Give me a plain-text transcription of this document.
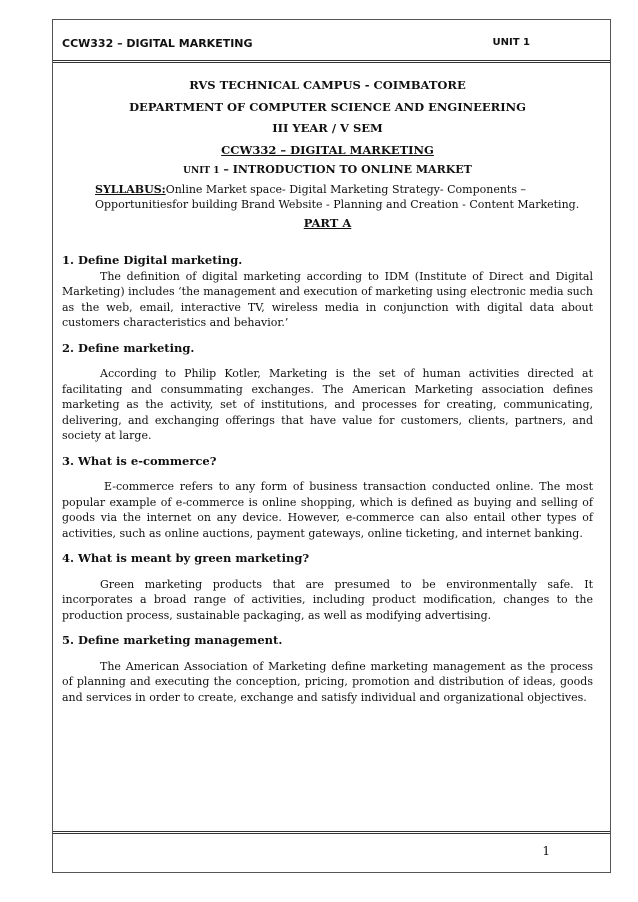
CCW332 – DIGITAL MARKETING	UNIT 1
RVS TECHNICAL CAMPUS - COIMBATORE
DEPARTMENT OF COMPUTER SCIENCE AND ENGINEERING
III YEAR / V SEM
CCW332 – DIGITAL MARKETING
UNIT 1 – INTRODUCTION TO ONLINE MARKET
SYLLABUS:Online Market space- Digital Marketing Strategy- Components – Opportunitiesfor building Brand Website - Planning and Creation - Content Marketing.
PART A

1. Define Digital marketing.

The definition of digital marketing according to IDM (Institute of Direct and Digital Marketing) includes ‘the management and execution of marketing using electronic media such as the web, email, interactive TV, wireless media in conjunction with digital data about customers characteristics and behavior.’

2. Define marketing.

According to Philip Kotler, Marketing is the set of human activities directed at facilitating and consummating exchanges. The American Marketing association defines marketing as the activity, set of institutions, and processes for creating, communicating, delivering, and exchanging offerings that have value for customers, clients, partners, and society at large.

3. What is e-commerce?

E-commerce refers to any form of business transaction conducted online. The most popular example of e-commerce is online shopping, which is defined as buying and selling of goods via the internet on any device. However, e-commerce can also entail other types of activities, such as online auctions, payment gateways, online ticketing, and internet banking.

4. What is meant by green marketing?

Green marketing products that are presumed to be environmentally safe. It incorporates a broad range of activities, including product modification, changes to the production process, sustainable packaging, as well as modifying advertising.

5. Define marketing management.

The American Association of Marketing define marketing management as the process of planning and executing the conception, pricing, promotion and distribution of ideas, goods and services in order to create, exchange and satisfy individual and organizational objectives.

1
